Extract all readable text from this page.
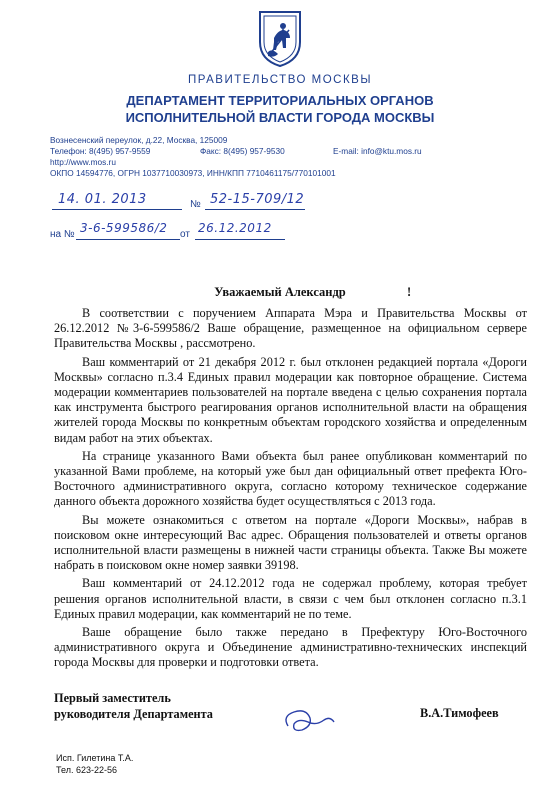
ПРАВИТЕЛЬСТВО МОСКВЫ
ДЕПАРТАМЕНТ ТЕРРИТОРИАЛЬНЫХ ОРГАНОВ
ИСПОЛНИТЕЛЬНОЙ ВЛАСТИ ГОРОДА МОСКВЫ
Вознесенский переулок, д.22, Москва, 125009
Телефон: 8(495) 957-9559	Факс: 8(495) 957-9530	E-mail: info@ktu.mos.ru
http://www.mos.ru
ОКПО 14594776, ОГРН 1037710030973, ИНН/КПП 7710461175/770101001
14. 01. 2013	№ 52-15-709/12
на № 3-6-599586/2 от 26.12.2012
Уважаемый Александр	!

В соответствии с поручением Аппарата Мэра и Правительства Москвы от 26.12.2012 №3-6-599586/2 Ваше обращение, размещенное на официальном сервере Правительства Москвы , рассмотрено.

Ваш комментарий от 21 декабря 2012 г. был отклонен редакцией портала «Дороги Москвы» согласно п.3.4 Единых правил модерации как повторное обращение. Система модерации комментариев пользователей на портале введена с целью сохранения портала как инструмента быстрого реагирования органов исполнительной власти на обращения жителей города Москвы по конкретным объектам городского хозяйства и определенным видам работ на этих объектах.

На странице указанного Вами объекта был ранее опубликован комментарий по указанной Вами проблеме, на который уже был дан официальный ответ префекта Юго-Восточного административного округа, согласно которому техническое содержание данного объекта дорожного хозяйства будет осуществляться с 2013 года.

Вы можете ознакомиться с ответом на портале «Дороги Москвы», набрав в поисковом окне интересующий Вас адрес. Обращения пользователей и ответы органов исполнительной власти размещены в нижней части страницы объекта. Также Вы можете набрать в поисковом окне номер заявки 39198.

Ваш комментарий от 24.12.2012 года не содержал проблему, которая требует решения органов исполнительной власти, в связи с чем был отклонен согласно п.3.1 Единых правил модерации, как комментарий не по теме.

Ваше обращение было также передано в Префектуру Юго-Восточного административного округа и Объединение административно-технических инспекций города Москвы для проверки и подготовки ответа.

Первый заместитель
руководителя Департамента	В.А.Тимофеев
Исп. Гилетина Т.А.
Тел. 623-22-56
